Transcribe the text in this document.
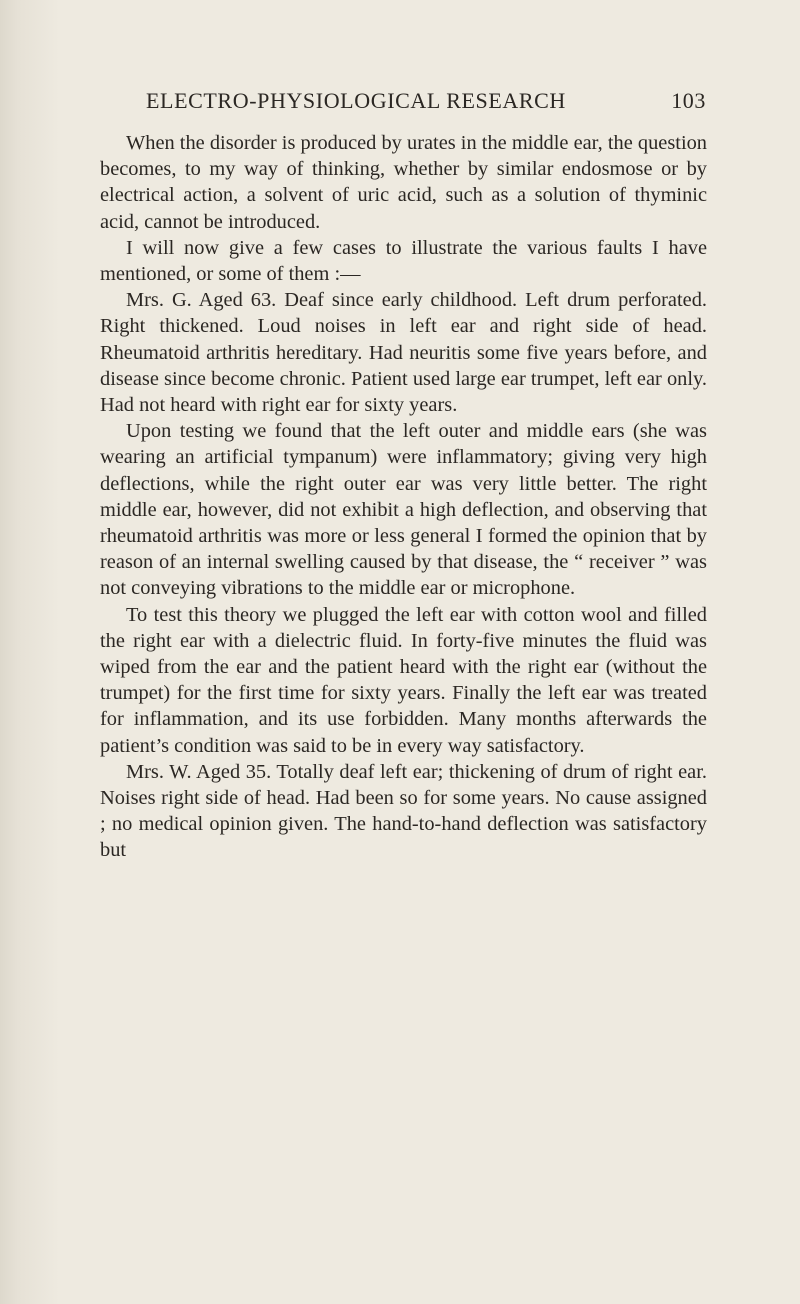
ELECTRO-PHYSIOLOGICAL RESEARCH	103

When the disorder is produced by urates in the middle ear, the question becomes, to my way of thinking, whether by similar endosmose or by electrical action, a solvent of uric acid, such as a solution of thyminic acid, cannot be introduced.

I will now give a few cases to illustrate the various faults I have mentioned, or some of them :—

Mrs. G. Aged 63. Deaf since early childhood. Left drum perforated. Right thickened. Loud noises in left ear and right side of head. Rheumatoid arthritis hereditary. Had neuritis some five years before, and disease since become chronic. Patient used large ear trumpet, left ear only. Had not heard with right ear for sixty years.

Upon testing we found that the left outer and middle ears (she was wearing an artificial tympanum) were inflammatory; giving very high deflections, while the right outer ear was very little better. The right middle ear, however, did not exhibit a high deflection, and observing that rheumatoid arthritis was more or less general I formed the opinion that by reason of an internal swelling caused by that disease, the “ receiver ” was not conveying vibrations to the middle ear or microphone.

To test this theory we plugged the left ear with cotton wool and filled the right ear with a dielectric fluid. In forty-five minutes the fluid was wiped from the ear and the patient heard with the right ear (without the trumpet) for the first time for sixty years. Finally the left ear was treated for inflammation, and its use forbidden. Many months afterwards the patient’s condition was said to be in every way satisfactory.

Mrs. W. Aged 35. Totally deaf left ear; thickening of drum of right ear. Noises right side of head. Had been so for some years. No cause assigned ; no medical opinion given. The hand-to-hand deflection was satisfactory but
